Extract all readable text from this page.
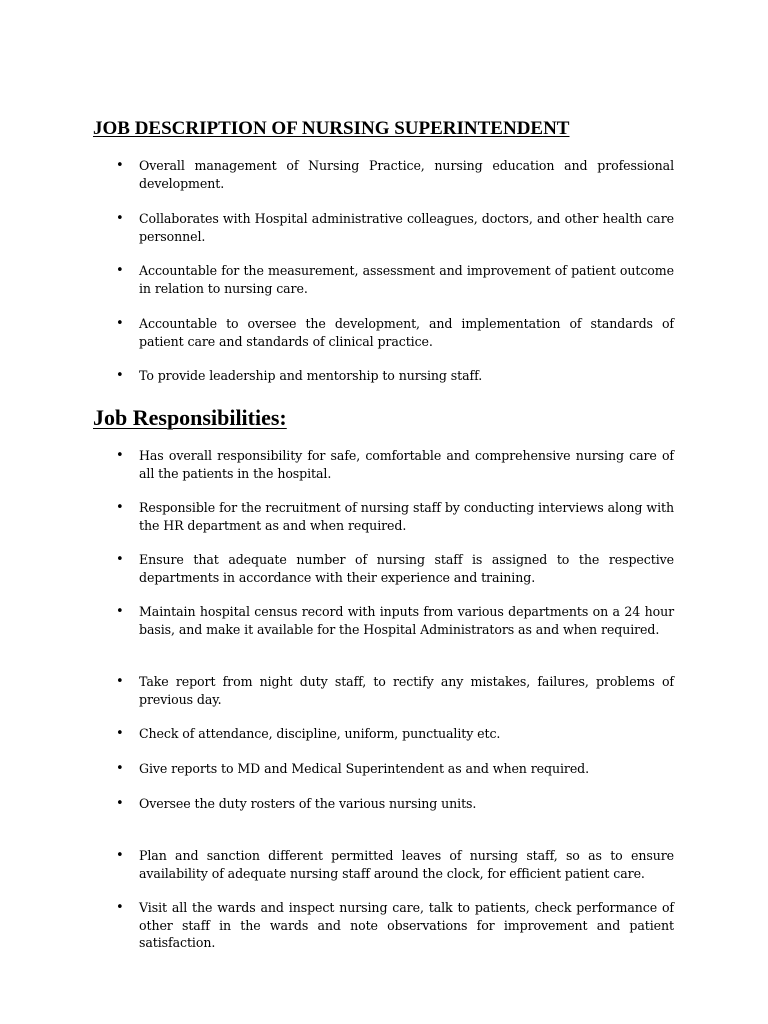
JOB DESCRIPTION OF NURSING SUPERINTENDENT
• Overall management of Nursing Practice, nursing education and professional development.
• Collaborates with Hospital administrative colleagues, doctors, and other health care personnel.
• Accountable for the measurement, assessment and improvement of patient outcome in relation to nursing care.
• Accountable to oversee the development, and implementation of standards of patient care and standards of clinical practice.
• To provide leadership and mentorship to nursing staff.
Job Responsibilities:
• Has overall responsibility for safe, comfortable and comprehensive nursing care of all the patients in the hospital.
• Responsible for the recruitment of nursing staff by conducting interviews along with the HR department as and when required.
• Ensure that adequate number of nursing staff is assigned to the respective departments in accordance with their experience and training.
• Maintain hospital census record with inputs from various departments on a 24 hour basis, and make it available for the Hospital Administrators as and when required.
• Take report from night duty staff, to rectify any mistakes, failures, problems of previous day.
• Check of attendance, discipline, uniform, punctuality etc.
• Give reports to MD and Medical Superintendent as and when required.
• Oversee the duty rosters of the various nursing units.
• Plan and sanction different permitted leaves of nursing staff, so as to ensure availability of adequate nursing staff around the clock, for efficient patient care.
• Visit all the wards and inspect nursing care, talk to patients, check performance of other staff in the wards and note observations for improvement and patient satisfaction.
